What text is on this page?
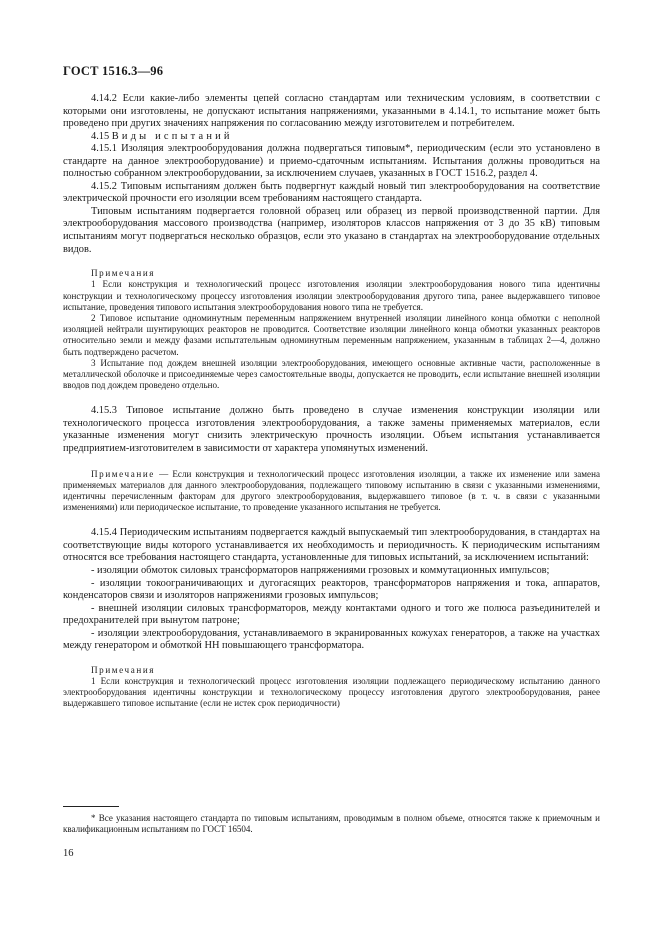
ГОСТ 1516.3—96

4.14.2 Если какие-либо элементы цепей согласно стандартам или техническим условиям, в соответствии с которыми они изготовлены, не допускают испытания напряжениями, указанными в 4.14.1, то испытание может быть проведено при других значениях напряжения по согласованию между изготовителем и потребителем.

4.15 Виды испытаний

4.15.1 Изоляция электрооборудования должна подвергаться типовым*, периодическим (если это установлено в стандарте на данное электрооборудование) и приемо-сдаточным испытаниям. Испытания должны проводиться на полностью собранном электрооборудовании, за исключением случаев, указанных в ГОСТ 1516.2, раздел 4.

4.15.2 Типовым испытаниям должен быть подвергнут каждый новый тип электрооборудования на соответствие электрической прочности его изоляции всем требованиям настоящего стандарта.

Типовым испытаниям подвергается головной образец или образец из первой производственной партии. Для электрооборудования массового производства (например, изоляторов классов напряжения от 3 до 35 кВ) типовым испытаниям могут подвергаться несколько образцов, если это указано в стандартах на электрооборудование отдельных видов.

Примечания

1 Если конструкция и технологический процесс изготовления изоляции электрооборудования нового типа идентичны конструкции и технологическому процессу изготовления изоляции электрооборудования другого типа, ранее выдержавшего типовое испытание, проведения типового испытания электрооборудования нового типа не требуется.

2 Типовое испытание одноминутным переменным напряжением внутренней изоляции линейного конца обмотки с неполной изоляцией нейтрали шунтирующих реакторов не проводится. Соответствие изоляции линейного конца обмотки указанных реакторов относительно земли и между фазами испытательным одноминутным переменным напряжением, указанным в таблицах 2—4, должно быть подтверждено расчетом.

3 Испытание под дождем внешней изоляции электрооборудования, имеющего основные активные части, расположенные в металлической оболочке и присоединяемые через самостоятельные вводы, допускается не проводить, если испытание внешней изоляции вводов под дождем проведено отдельно.

4.15.3 Типовое испытание должно быть проведено в случае изменения конструкции изоляции или технологического процесса изготовления электрооборудования, а также замены применяемых материалов, если указанные изменения могут снизить электрическую прочность изоляции. Объем испытания устанавливается предприятием-изготовителем в зависимости от характера упомянутых изменений.

Примечание — Если конструкция и технологический процесс изготовления изоляции, а также их изменение или замена применяемых материалов для данного электрооборудования, подлежащего типовому испытанию в связи с указанными изменениями, идентичны перечисленным факторам для другого электрооборудования, выдержавшего типовое (в т. ч. в связи с указанными изменениями) или периодическое испытание, то проведение указанного испытания не требуется.

4.15.4 Периодическим испытаниям подвергается каждый выпускаемый тип электрооборудования, в стандартах на соответствующие виды которого устанавливается их необходимость и периодичность. К периодическим испытаниям относятся все требования настоящего стандарта, установленные для типовых испытаний, за исключением испытаний:

- изоляции обмоток силовых трансформаторов напряжениями грозовых и коммутационных импульсов;

- изоляции токоограничивающих и дугогасящих реакторов, трансформаторов напряжения и тока, аппаратов, конденсаторов связи и изоляторов напряжениями грозовых импульсов;

- внешней изоляции силовых трансформаторов, между контактами одного и того же полюса разъединителей и предохранителей при вынутом патроне;

- изоляции электрооборудования, устанавливаемого в экранированных кожухах генераторов, а также на участках между генератором и обмоткой НН повышающего трансформатора.

Примечания

1 Если конструкция и технологический процесс изготовления изоляции подлежащего периодическому испытанию данного электрооборудования идентичны конструкции и технологическому процессу изготовления другого электрооборудования, ранее выдержавшего типовое испытание (если не истек срок периодичности)

* Все указания настоящего стандарта по типовым испытаниям, проводимым в полном объеме, относятся также к приемочным и квалификационным испытаниям по ГОСТ 16504.

16
